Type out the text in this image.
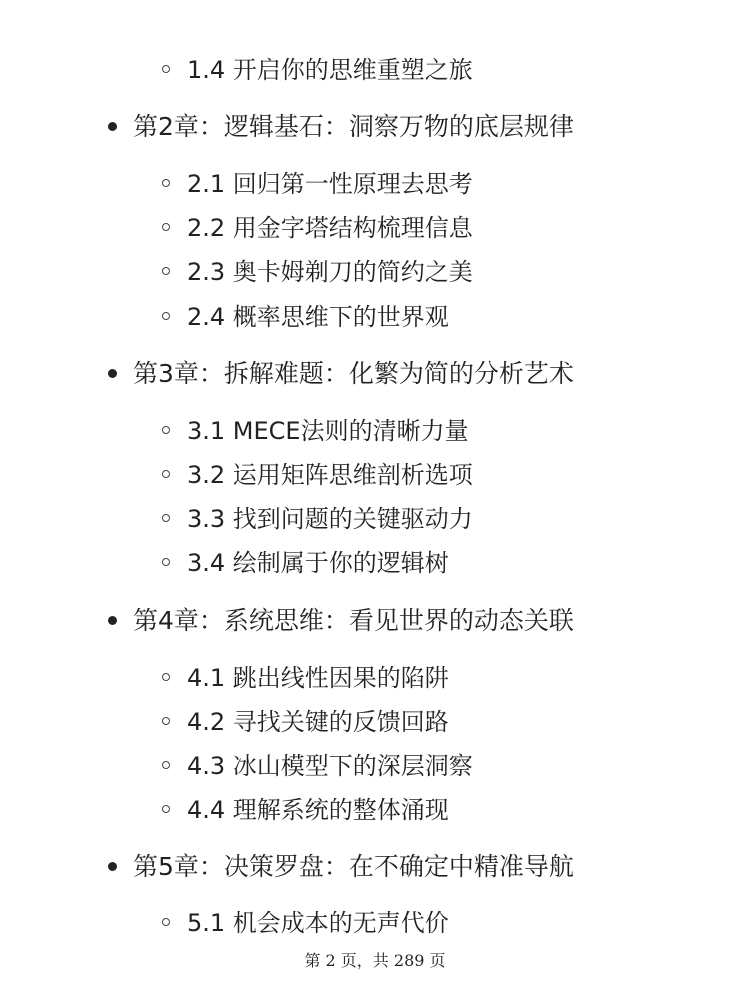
1.4 开启你的思维重塑之旅
第2章：逻辑基石：洞察万物的底层规律
2.1 回归第一性原理去思考
2.2 用金字塔结构梳理信息
2.3 奥卡姆剃刀的简约之美
2.4 概率思维下的世界观
第3章：拆解难题：化繁为简的分析艺术
3.1 MECE法则的清晰力量
3.2 运用矩阵思维剖析选项
3.3 找到问题的关键驱动力
3.4 绘制属于你的逻辑树
第4章：系统思维：看见世界的动态关联
4.1 跳出线性因果的陷阱
4.2 寻找关键的反馈回路
4.3 冰山模型下的深层洞察
4.4 理解系统的整体涌现
第5章：决策罗盘：在不确定中精准导航
5.1 机会成本的无声代价
第 2 页，共 289 页
